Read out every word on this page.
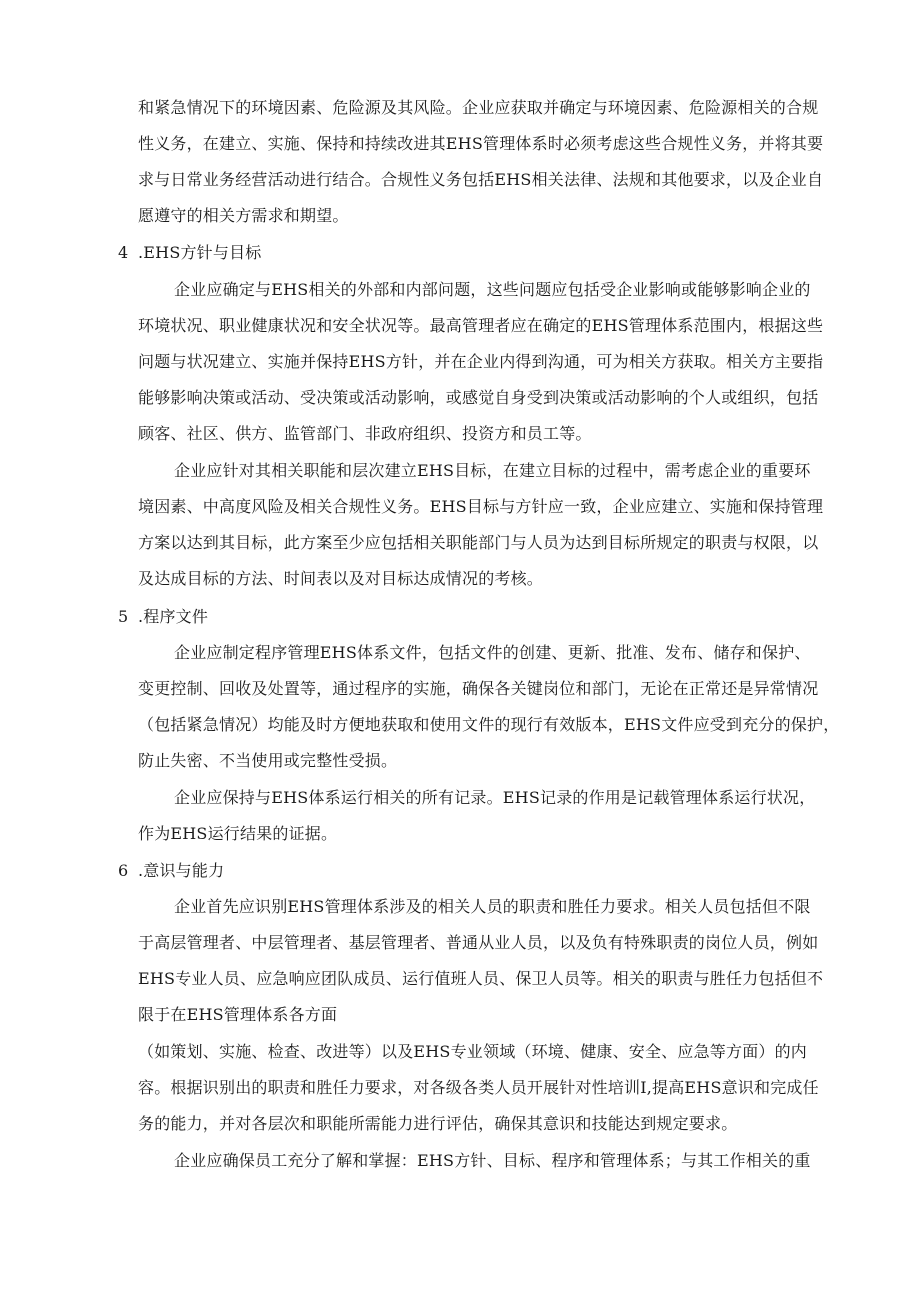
和紧急情况下的环境因素、危险源及其风险。企业应获取并确定与环境因素、危险源相关的合规
性义务，在建立、实施、保持和持续改进其EHS管理体系时必须考虑这些合规性义务，并将其要
求与日常业务经营活动进行结合。合规性义务包括EHS相关法律、法规和其他要求，以及企业自
愿遵守的相关方需求和期望。
4 .EHS方针与目标
企业应确定与EHS相关的外部和内部问题，这些问题应包括受企业影响或能够影响企业的
环境状况、职业健康状况和安全状况等。最高管理者应在确定的EHS管理体系范围内，根据这些
问题与状况建立、实施并保持EHS方针，并在企业内得到沟通，可为相关方获取。相关方主要指
能够影响决策或活动、受决策或活动影响，或感觉自身受到决策或活动影响的个人或组织，包括
顾客、社区、供方、监管部门、非政府组织、投资方和员工等。
企业应针对其相关职能和层次建立EHS目标，在建立目标的过程中，需考虑企业的重要环
境因素、中高度风险及相关合规性义务。EHS目标与方针应一致，企业应建立、实施和保持管理
方案以达到其目标，此方案至少应包括相关职能部门与人员为达到目标所规定的职责与权限，以
及达成目标的方法、时间表以及对目标达成情况的考核。
5 .程序文件
企业应制定程序管理EHS体系文件，包括文件的创建、更新、批准、发布、储存和保护、
变更控制、回收及处置等，通过程序的实施，确保各关键岗位和部门，无论在正常还是异常情况
（包括紧急情况）均能及时方便地获取和使用文件的现行有效版本，EHS文件应受到充分的保护，
防止失密、不当使用或完整性受损。
企业应保持与EHS体系运行相关的所有记录。EHS记录的作用是记载管理体系运行状况，
作为EHS运行结果的证据。
6 .意识与能力
企业首先应识别EHS管理体系涉及的相关人员的职责和胜任力要求。相关人员包括但不限
于高层管理者、中层管理者、基层管理者、普通从业人员，以及负有特殊职责的岗位人员，例如
EHS专业人员、应急响应团队成员、运行值班人员、保卫人员等。相关的职责与胜任力包括但不
限于在EHS管理体系各方面
（如策划、实施、检查、改进等）以及EHS专业领域（环境、健康、安全、应急等方面）的内
容。根据识别出的职责和胜任力要求，对各级各类人员开展针对性培训I,提高EHS意识和完成任
务的能力，并对各层次和职能所需能力进行评估，确保其意识和技能达到规定要求。
企业应确保员工充分了解和掌握：EHS方针、目标、程序和管理体系；与其工作相关的重
